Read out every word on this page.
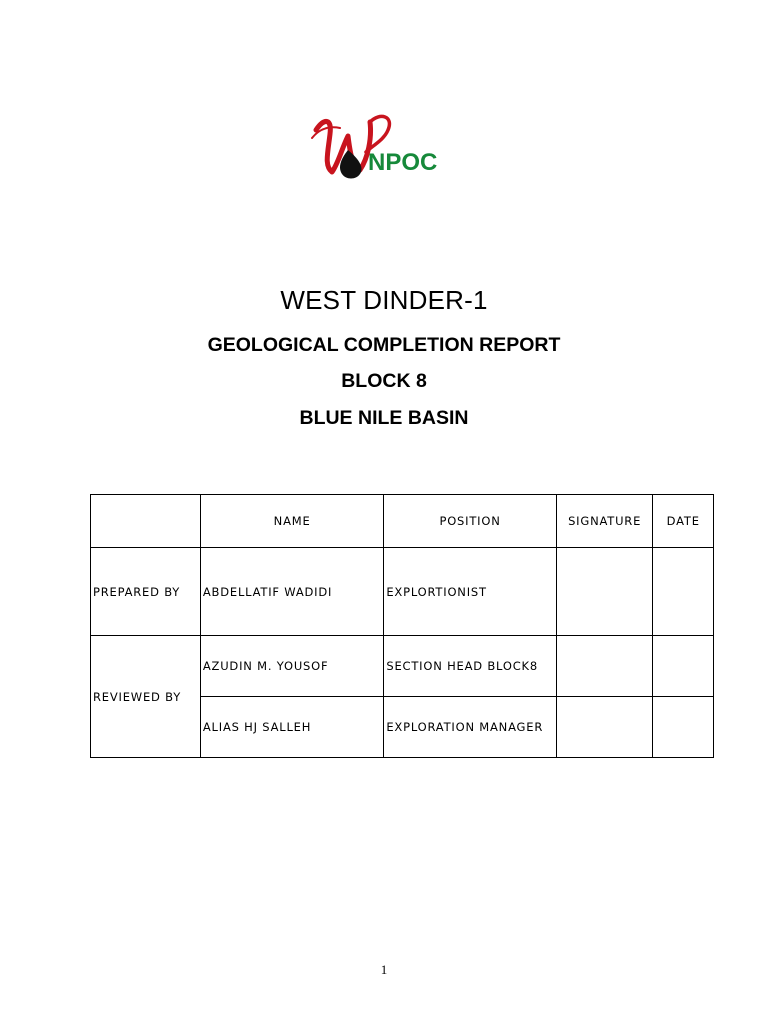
NPOC
WEST DINDER-1
GEOLOGICAL COMPLETION REPORT
BLOCK 8
BLUE NILE BASIN
	NAME	POSITION	SIGNATURE	DATE
PREPARED BY	ABDELLATIF WADIDI	EXPLORTIONIST		
REVIEWED BY	AZUDIN M. YOUSOF	SECTION HEAD BLOCK8		
	ALIAS HJ SALLEH	EXPLORATION MANAGER		
1
